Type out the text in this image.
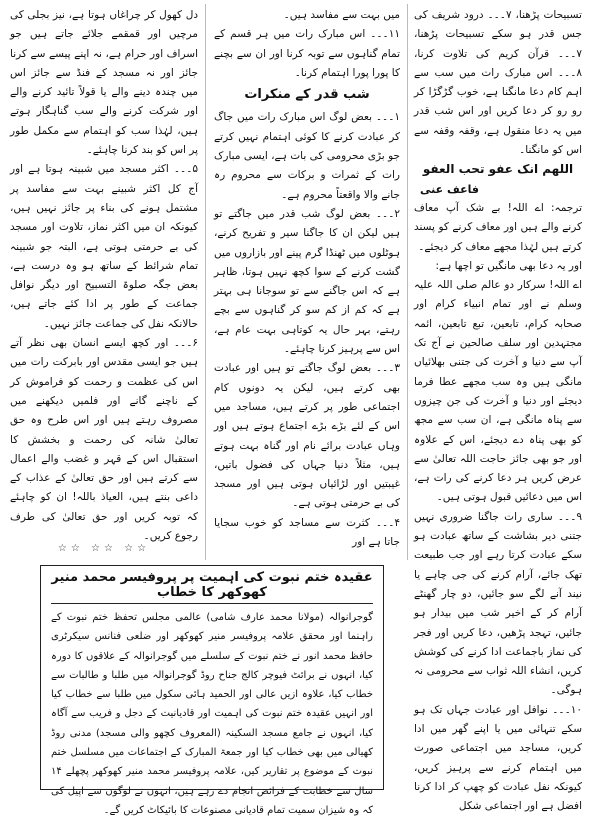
تسبیحات پڑھنا، ۷۔۔۔ درود شریف کی جس قدر ہو سکے تسبیحات پڑھنا، ۷۔۔۔ قرآن کریم کی تلاوت کرنا، ۸۔۔۔ اس مبارک رات میں سب سے اہم کام دعا مانگنا ہے، خوب گڑگڑا کر رو رو کر دعا کریں اور اس شب قدر میں یہ دعا منقول ہے، وقفہ وقفہ سے اس کو مانگنا۔

اللھم انک عفو تحب العفو

فاعف عنی

ترجمہ: اے اللہ! بے شک آپ معاف کرنے والے ہیں اور معاف کرنے کو پسند کرتے ہیں لہٰذا مجھے معاف کر دیجئے۔

اور یہ دعا بھی مانگیں تو اچھا ہے:

اے اللہ! سرکار دو عالم صلی اللہ علیہ وسلم نے اور تمام انبیاء کرام اور صحابہ کرام، تابعین، تبع تابعین، ائمہ مجتہدین اور سلف صالحین نے آج تک آپ سے دنیا و آخرت کی جتنی بھلائیاں مانگی ہیں وہ سب مجھے عطا فرما دیجئے اور دنیا و آخرت کی جن چیزوں سے پناہ مانگی ہے، ان سب سے مجھ کو بھی پناہ دے دیجئے، اس کے علاوہ اور جو بھی جائز حاجت اللہ تعالیٰ سے عرض کریں ہر دعا کرنے کی رات ہے، اس میں دعائیں قبول ہوتی ہیں۔

۹۔۔۔ ساری رات جاگنا ضروری نہیں جتنی دیر بشاشت کے ساتھ عبادت ہو سکے عبادت کرتا رہے اور جب طبیعت تھک جائے، آرام کرنے کی جی چاہے یا نیند آنے لگے سو جائیں، دو چار گھنٹے آرام کر کے اخیر شب میں بیدار ہو جائیں، تہجد پڑھیں، دعا کریں اور فجر کی نماز باجماعت ادا کرنے کی کوشش کریں، انشاء اللہ ثواب سے محرومی نہ ہوگی۔

۱۰۔۔۔ نوافل اور عبادت جہاں تک ہو سکے تنہائی میں یا اپنے گھر میں ادا کریں، مساجد میں اجتماعی صورت میں اہتمام کرنے سے پرہیز کریں، کیونکہ نفل عبادت کو چھپ کر ادا کرنا افضل ہے اور اجتماعی شکل

میں بہت سے مفاسد ہیں۔

۱۱۔۔۔ اس مبارک رات میں ہر قسم کے تمام گناہوں سے توبہ کرنا اور ان سے بچنے کا پورا پورا اہتمام کرنا۔

شب قدر کے منکرات

۱۔۔۔ بعض لوگ اس مبارک رات میں جاگ کر عبادت کرنے کا کوئی اہتمام نہیں کرتے جو بڑی محرومی کی بات ہے، ایسی مبارک رات کے ثمرات و برکات سے محروم رہ جانے والا واقعتاً محروم ہے۔

۲۔۔۔ بعض لوگ شب قدر میں جاگتے تو ہیں لیکن ان کا جاگنا سیر و تفریح کرنے، ہوٹلوں میں ٹھنڈا گرم پینے اور بازاروں میں گشت کرنے کے سوا کچھ نہیں ہوتا، ظاہر ہے کہ اس جاگنے سے تو سوجانا ہی بہتر ہے کہ کم از کم سو کر گناہوں سے بچے رہتے، بہر حال یہ کوتاہی بہت عام ہے، اس سے پرہیز کرنا چاہئے۔

۳۔۔۔ بعض لوگ جاگتے تو ہیں اور عبادت بھی کرتے ہیں، لیکن یہ دونوں کام اجتماعی طور پر کرتے ہیں، مساجد میں اس کے لئے بڑے بڑے اجتماع ہوتے ہیں اور وہاں عبادت برائے نام اور گناہ بہت ہوتے ہیں، مثلاً دنیا جہاں کی فضول باتیں، غیبتیں اور لڑائیاں ہوتی ہیں اور مسجد کی بے حرمتی ہوتی ہے۔

۴۔۔۔ کثرت سے مساجد کو خوب سجایا جاتا ہے اور

دل کھول کر چراغاں ہوتا ہے، نیز بجلی کی مرچیں اور قمقمے جلائے جاتے ہیں جو اسراف اور حرام ہے، نہ اپنے پیسے سے کرنا جائز اور نہ مسجد کے فنڈ سے جائز اس میں چندہ دینے والے یا قولاً تائید کرنے والے اور شرکت کرنے والے سب گناہگار ہوتے ہیں، لہٰذا سب کو اہتمام سے مکمل طور پر اس کو بند کرنا چاہئے۔

۵۔۔۔ اکثر مسجد میں شبینہ ہوتا ہے اور آج کل اکثر شبینے بہت سے مفاسد پر مشتمل ہونے کی بناء پر جائز نہیں ہیں، کیونکہ ان میں اکثر نماز، تلاوت اور مسجد کی بے حرمتی ہوتی ہے، البتہ جو شبینہ تمام شرائط کے ساتھ ہو وہ درست ہے، بعض جگہ صلوۃ التسبیح اور دیگر نوافل جماعت کے طور پر ادا کئے جاتے ہیں، حالانکہ نفل کی جماعت جائز نہیں۔

۶۔۔۔ اور کچھ ایسے انسان بھی نظر آتے ہیں جو ایسی مقدس اور بابرکت رات میں اس کی عظمت و رحمت کو فراموش کر کے ناچنے گانے اور فلمیں دیکھنے میں مصروف رہتے ہیں اور اس طرح وہ حق تعالیٰ شانہ کی رحمت و بخشش کا استقبال اس کے قہر و غضب والے اعمال سے کرتے ہیں اور حق تعالیٰ کے عذاب کے داعی بنتے ہیں، العیاذ باللہ! ان کو چاہئے کہ توبہ کریں اور حق تعالیٰ کی طرف رجوع کریں۔

☆☆ ☆☆ ☆☆
عقیدہ ختم نبوت کی اہمیت پر پروفیسر محمد منیر کھوکھر کا خطاب

گوجرانوالہ (مولانا محمد عارف شامی) عالمی مجلس تحفظ ختم نبوت کے راہنما اور محقق علامہ پروفیسر منیر کھوکھر اور ضلعی فنانس سیکرٹری حافظ محمد انور نے ختم نبوت کے سلسلے میں گوجرانوالہ کے علاقوں کا دورہ کیا، انہوں نے برائٹ فیوچر کالج جناح روڈ گوجرانوالہ میں طلبا و طالبات سے خطاب کیا، علاوہ ازیں عالی اور الحمید ہائی سکول میں طلبا سے خطاب کیا اور انہیں عقیدہ ختم نبوت کی اہمیت اور قادیانیت کے دجل و فریب سے آگاہ کیا، انہوں نے جامع مسجد السکینہ (المعروف کچھو والی مسجد) مدنی روڈ کھیالی میں بھی خطاب کیا اور جمعۃ المبارک کے اجتماعات میں مسلسل ختم نبوت کے موضوع پر تقاریر کیں، علامہ پروفیسر محمد منیر کھوکھر پچھلے ۱۴ سال سے خطابت کے فرائض انجام دے رہے ہیں، انہوں نے لوگوں سے اپیل کی کہ وہ شیزان سمیت تمام قادیانی مصنوعات کا بائیکاٹ کریں گے۔
